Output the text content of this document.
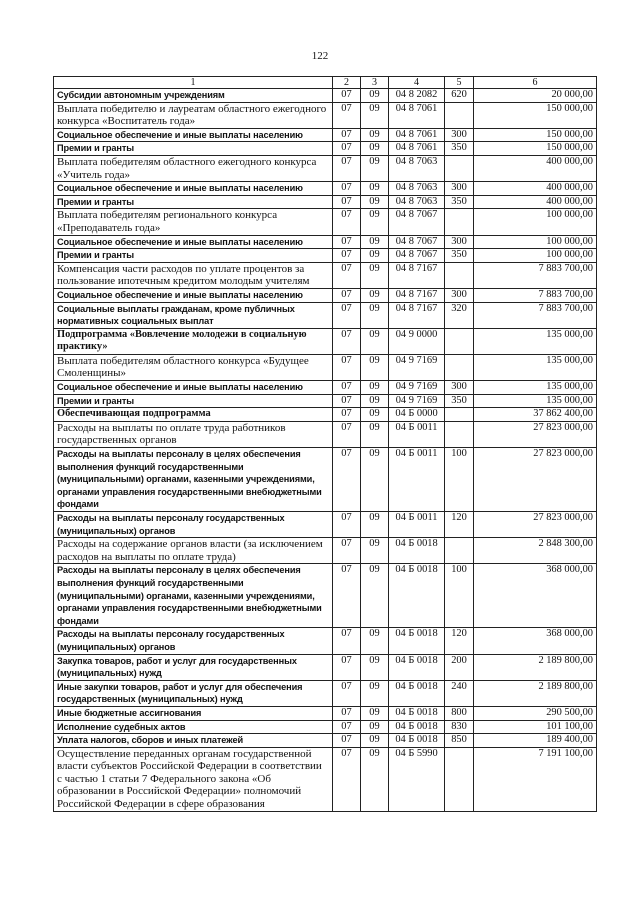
122
1	2	3	4	5	6
Субсидии автономным учреждениям	07	09	04 8 2082	620	20 000,00
Выплата победителю и лауреатам областного ежегодного конкурса «Воспитатель года»	07	09	04 8 7061		150 000,00
Социальное обеспечение и иные выплаты населению	07	09	04 8 7061	300	150 000,00
Премии и гранты	07	09	04 8 7061	350	150 000,00
Выплата победителям областного ежегодного конкурса «Учитель года»	07	09	04 8 7063		400 000,00
Социальное обеспечение и иные выплаты населению	07	09	04 8 7063	300	400 000,00
Премии и гранты	07	09	04 8 7063	350	400 000,00
Выплата победителям регионального конкурса «Преподаватель года»	07	09	04 8 7067		100 000,00
Социальное обеспечение и иные выплаты населению	07	09	04 8 7067	300	100 000,00
Премии и гранты	07	09	04 8 7067	350	100 000,00
Компенсация части расходов по уплате процентов за пользование ипотечным кредитом молодым учителям	07	09	04 8 7167		7 883 700,00
Социальное обеспечение и иные выплаты населению	07	09	04 8 7167	300	7 883 700,00
Социальные выплаты гражданам, кроме публичных нормативных социальных выплат	07	09	04 8 7167	320	7 883 700,00
Подпрограмма «Вовлечение молодежи в социальную практику»	07	09	04 9 0000		135 000,00
Выплата победителям областного конкурса «Будущее Смоленщины»	07	09	04 9 7169		135 000,00
Социальное обеспечение и иные выплаты населению	07	09	04 9 7169	300	135 000,00
Премии и гранты	07	09	04 9 7169	350	135 000,00
Обеспечивающая подпрограмма	07	09	04 Б 0000		37 862 400,00
Расходы на выплаты по оплате труда работников государственных органов	07	09	04 Б 0011		27 823 000,00
Расходы на выплаты персоналу в целях обеспечения выполнения функций государственными (муниципальными) органами, казенными учреждениями, органами управления государственными внебюджетными фондами	07	09	04 Б 0011	100	27 823 000,00
Расходы на выплаты персоналу государственных (муниципальных) органов	07	09	04 Б 0011	120	27 823 000,00
Расходы на содержание органов власти (за исключением расходов на выплаты по оплате труда)	07	09	04 Б 0018		2 848 300,00
Расходы на выплаты персоналу в целях обеспечения выполнения функций государственными (муниципальными) органами, казенными учреждениями, органами управления государственными внебюджетными фондами	07	09	04 Б 0018	100	368 000,00
Расходы на выплаты персоналу государственных (муниципальных) органов	07	09	04 Б 0018	120	368 000,00
Закупка товаров, работ и услуг для государственных (муниципальных) нужд	07	09	04 Б 0018	200	2 189 800,00
Иные закупки товаров, работ и услуг для обеспечения государственных (муниципальных) нужд	07	09	04 Б 0018	240	2 189 800,00
Иные бюджетные ассигнования	07	09	04 Б 0018	800	290 500,00
Исполнение судебных актов	07	09	04 Б 0018	830	101 100,00
Уплата налогов, сборов и иных платежей	07	09	04 Б 0018	850	189 400,00
Осуществление переданных органам государственной власти субъектов Российской Федерации в соответствии с частью 1 статьи 7 Федерального закона «Об образовании в Российской Федерации» полномочий Российской Федерации в сфере образования	07	09	04 Б 5990		7 191 100,00
